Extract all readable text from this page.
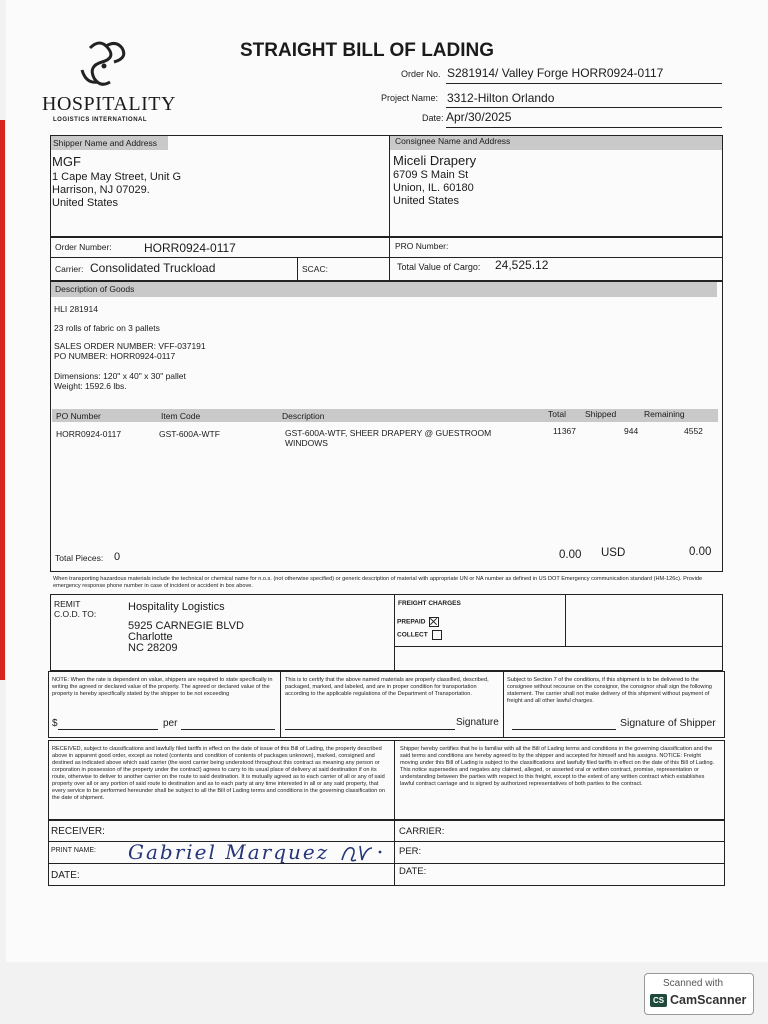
HOSPITALITY
LOGISTICS INTERNATIONAL
STRAIGHT BILL OF LADING
Order No. S281914/ Valley Forge HORR0924-0117
Project Name: 3312-Hilton Orlando
Date: Apr/30/2025
Shipper Name and Address	Consignee Name and Address
MGF
1 Cape May Street, Unit G
Harrison, NJ 07029.
United States
Miceli Drapery
6709 S Main St
Union, IL. 60180
United States
Order Number:	HORR0924-0117	PRO Number:
Carrier: Consolidated Truckload	SCAC:	Total Value of Cargo: 24,525.12
Description of Goods
HLI 281914
23 rolls of fabric on 3 pallets
SALES ORDER NUMBER: VFF-037191
PO NUMBER: HORR0924-0117
Dimensions: 120" x 40" x 30" pallet
Weight: 1592.6 lbs.
PO Number	Item Code	Description	Total Shipped	Remaining
HORR0924-0117	GST-600A-WTF	GST-600A-WTF, SHEER DRAPERY @ GUESTROOM
WINDOWS
11367	944	4552
Total Pieces: 0	0.00 USD	0.00
When transporting hazardous materials include the technical or chemical name for n.o.s. (not otherwise specified) or generic description of material with appropriate UN or NA number as defined in US DOT Emergency communication standard (HM-126c). Provide emergency response phone number in case of incident or accident in box above.
REMIT
C.O.D. TO:
Hospitality Logistics
5925 CARNEGIE BLVD
Charlotte
NC 28209
FREIGHT CHARGES
PREPAID
COLLECT
NOTE: When the rate is dependent on value, shippers are required to state specifically in writing the agreed or declared value of the property. The agreed or declared value of the property is hereby specifically stated by the shipper to be not exceeding
This is to certify that the above named materials are properly classified, described, packaged, marked, and labeled, and are in proper condition for transportation according to the applicable regulations of the Department of Transportation.
Subject to Section 7 of the conditions, if this shipment is to be delivered to the consignee without recourse on the consignor, the consignor shall sign the following statement. The carrier shall not make delivery of this shipment without payment of freight and all other lawful charges.
$	per	Signature	Signature of Shipper
RECEIVED, subject to classifications and lawfully filed tariffs in effect on the date of issue of this Bill of Lading, the property described above in apparent good order, except as noted (contents and condition of contents of packages unknown), marked, consigned and destined as indicated above which said carrier (the word carrier being understood throughout this contract as meaning any person or corporation in possession of the property under the contract) agrees to carry to its usual place of delivery at said destination if on its route, otherwise to deliver to another carrier on the route to said destination. It is mutually agreed as to each carrier of all or any of said property over all or any portion of said route to destination and as to each party at any time interested in all or any said property, that every service to be performed hereunder shall be subject to all the Bill of Lading terms and conditions in the governing classification on the date of shipment.
Shipper hereby certifies that he is familiar with all the Bill of Lading terms and conditions in the governing classification and the said terms and conditions are hereby agreed to by the shipper and accepted for himself and his assigns. NOTICE: Freight moving under this Bill of Lading is subject to the classifications and lawfully filed tariffs in effect on the date of this Bill of Lading. This notice supersedes and negates any claimed, alleged, or asserted oral or written contract, promise, representation or understanding between the parties with respect to this freight, except to the extent of any written contract which establishes lawful contract carriage and is signed by authorized representatives of both parties to the contract.
RECEIVER:
PRINT NAME: Gabriel Marquez
DATE:
CARRIER:
PER:
DATE:
Scanned with
CS CamScanner
